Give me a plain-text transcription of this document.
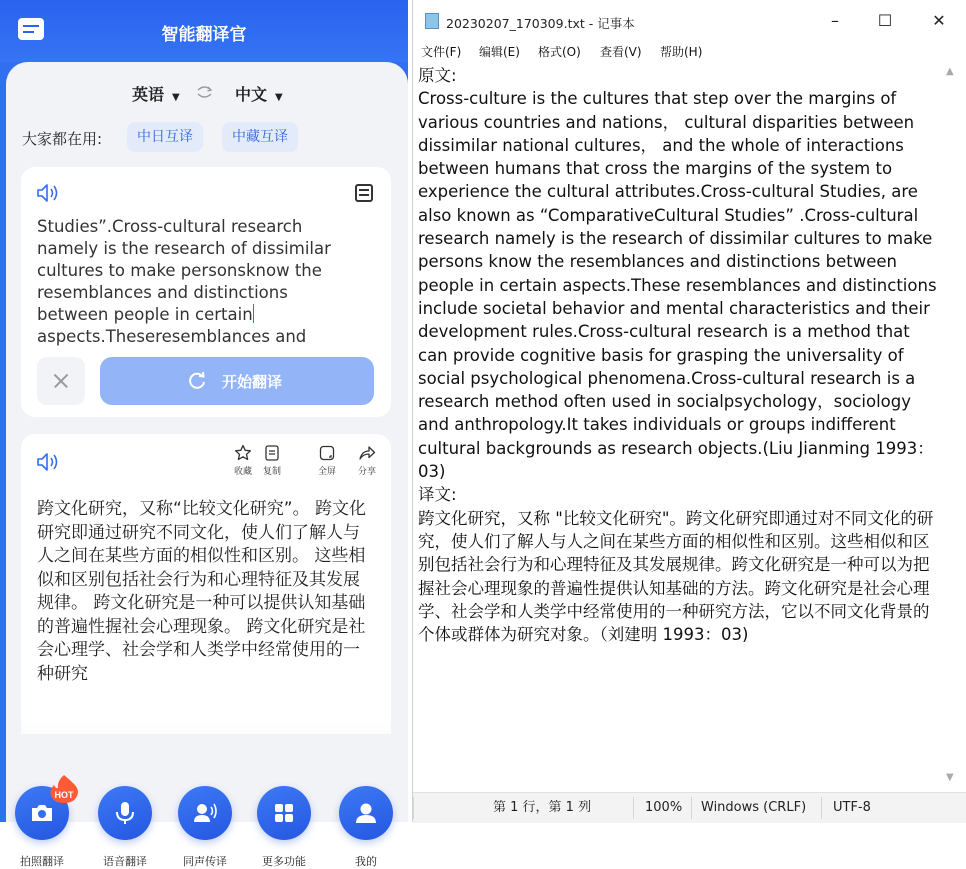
智能翻译官
英语 ▼	中文 ▼
大家都在用:	中日互译	中藏互译
Studies”.Cross-cultural research namely is the research of dissimilar cultures to make personsknow the resemblances and distinctions between people in certain aspects.Theseresemblances and
开始翻译
收藏	复制	全屏	分享
跨文化研究，又称“比较文化研究”。 跨文化研究即通过研究不同文化，使人们了解人与人之间在某些方面的相似性和区别。 这些相似和区别包括社会行为和心理特征及其发展规律。 跨文化研究是一种可以提供认知基础的普遍性握社会心理现象。 跨文化研究是社会心理学、社会学和人类学中经常使用的一种研究
拍照翻译	语音翻译	同声传译	更多功能	我的
HOT
20230207_170309.txt - 记事本	–	☐	✕
文件(F) 编辑(E) 格式(O) 查看(V) 帮助(H)
原文:
Cross-culture is the cultures that step over the margins of various countries and nations， cultural disparities between dissimilar national cultures， and the whole of interactions between humans that cross the margins of the system to experience the cultural attributes.Cross-cultural Studies, are also known as “ComparativeCultural Studies” .Cross-cultural research namely is the research of dissimilar cultures to make persons know the resemblances and distinctions between people in certain aspects.These resemblances and distinctions include societal behavior and mental characteristics and their development rules.Cross-cultural research is a method that can provide cognitive basis for grasping the universality of social psychological phenomena.Cross-cultural research is a research method often used in socialpsychology，sociology and anthropology.It takes individuals or groups indifferent cultural backgrounds as research objects.(Liu Jianming 1993：03)
译文:
跨文化研究，又称 "比较文化研究"。跨文化研究即通过对不同文化的研究，使人们了解人与人之间在某些方面的相似性和区别。这些相似和区别包括社会行为和心理特征及其发展规律。跨文化研究是一种可以为把握社会心理现象的普遍性提供认知基础的方法。跨文化研究是社会心理学、社会学和人类学中经常使用的一种研究方法，它以不同文化背景的个体或群体为研究对象。（刘建明 1993：03)
▲
▼
第 1 行，第 1 列	100% Windows (CRLF) UTF-8
